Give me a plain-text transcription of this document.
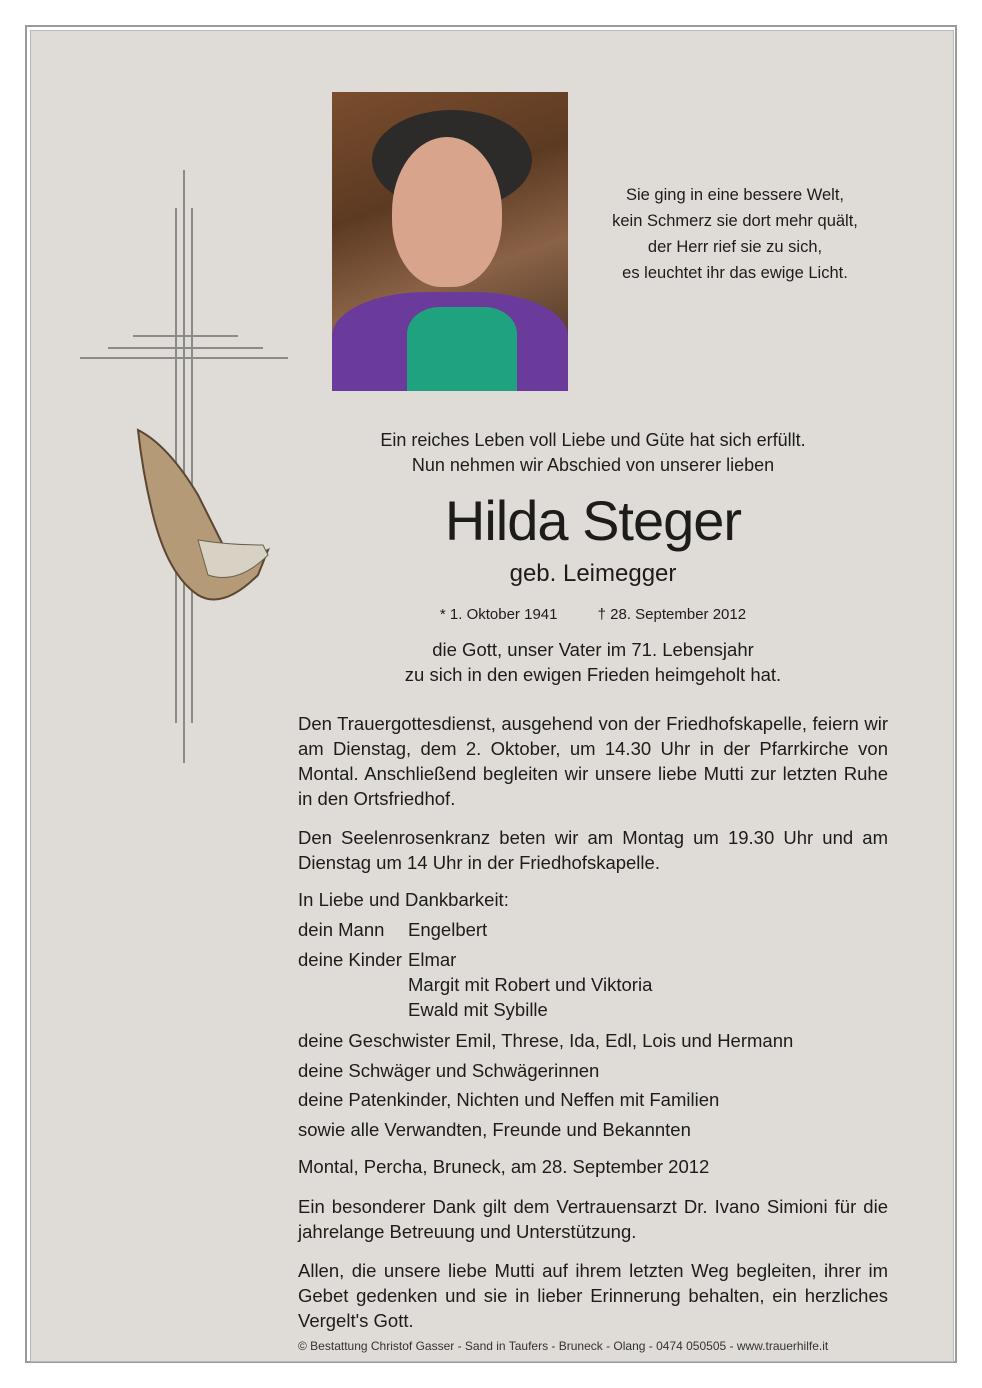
Sie ging in eine bessere Welt,
kein Schmerz sie dort mehr quält,
der Herr rief sie zu sich,
es leuchtet ihr das ewige Licht.
Ein reiches Leben voll Liebe und Güte hat sich erfüllt.
Nun nehmen wir Abschied von unserer lieben
Hilda Steger
geb. Leimegger
* 1. Oktober 1941	† 28. September 2012
die Gott, unser Vater im 71. Lebensjahr
zu sich in den ewigen Frieden heimgeholt hat.
Den Trauergottesdienst, ausgehend von der Friedhofskapelle, feiern wir am Dienstag, dem 2. Oktober, um 14.30 Uhr in der Pfarrkirche von Montal. Anschließend begleiten wir unsere liebe Mutti zur letzten Ruhe in den Ortsfriedhof.
Den Seelenrosenkranz beten wir am Montag um 19.30 Uhr und am Dienstag um 14 Uhr in der Friedhofskapelle.
In Liebe und Dankbarkeit:
dein Mann	Engelbert
deine Kinder Elmar
Margit mit Robert und Viktoria
Ewald mit Sybille
deine Geschwister Emil, Threse, Ida, Edl, Lois und Hermann
deine Schwäger und Schwägerinnen
deine Patenkinder, Nichten und Neffen mit Familien
sowie alle Verwandten, Freunde und Bekannten
Montal, Percha, Bruneck, am 28. September 2012
Ein besonderer Dank gilt dem Vertrauensarzt Dr. Ivano Simioni für die jahrelange Betreuung und Unterstützung.
Allen, die unsere liebe Mutti auf ihrem letzten Weg begleiten, ihrer im Gebet gedenken und sie in lieber Erinnerung behalten, ein herzliches Vergelt's Gott.
© Bestattung Christof Gasser - Sand in Taufers - Bruneck - Olang - 0474 050505 - www.trauerhilfe.it
